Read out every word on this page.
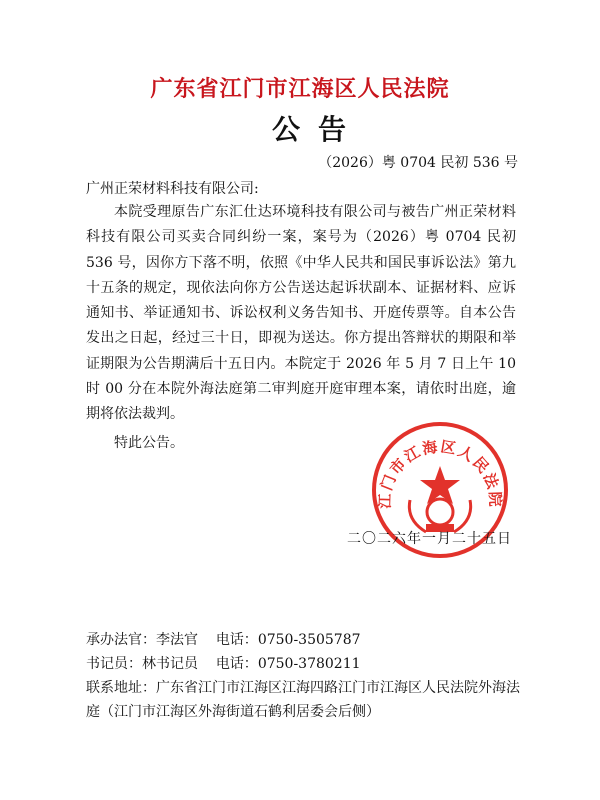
广东省江门市江海区人民法院
公告
（2026）粤 0704 民初 536 号
广州正荣材料科技有限公司:

本院受理原告广东汇仕达环境科技有限公司与被告广州正荣材料科技有限公司买卖合同纠纷一案，案号为（2026）粤 0704 民初 536 号，因你方下落不明，依照《中华人民共和国民事诉讼法》第九十五条的规定，现依法向你方公告送达起诉状副本、证据材料、应诉通知书、举证通知书、诉讼权利义务告知书、开庭传票等。自本公告发出之日起，经过三十日，即视为送达。你方提出答辩状的期限和举证期限为公告期满后十五日内。本院定于 2026 年 5 月 7 日上午 10 时 00 分在本院外海法庭第二审判庭开庭审理本案，请依时出庭，逾期将依法裁判。

特此公告。
江门市江海区人民法院
二〇二六年一月二十五日
承办法官：李法官 电话：0750-3505787
书记员：林书记员 电话：0750-3780211
联系地址：广东省江门市江海区江海四路江门市江海区人民法院外海法庭（江门市江海区外海街道石鹤利居委会后侧）
